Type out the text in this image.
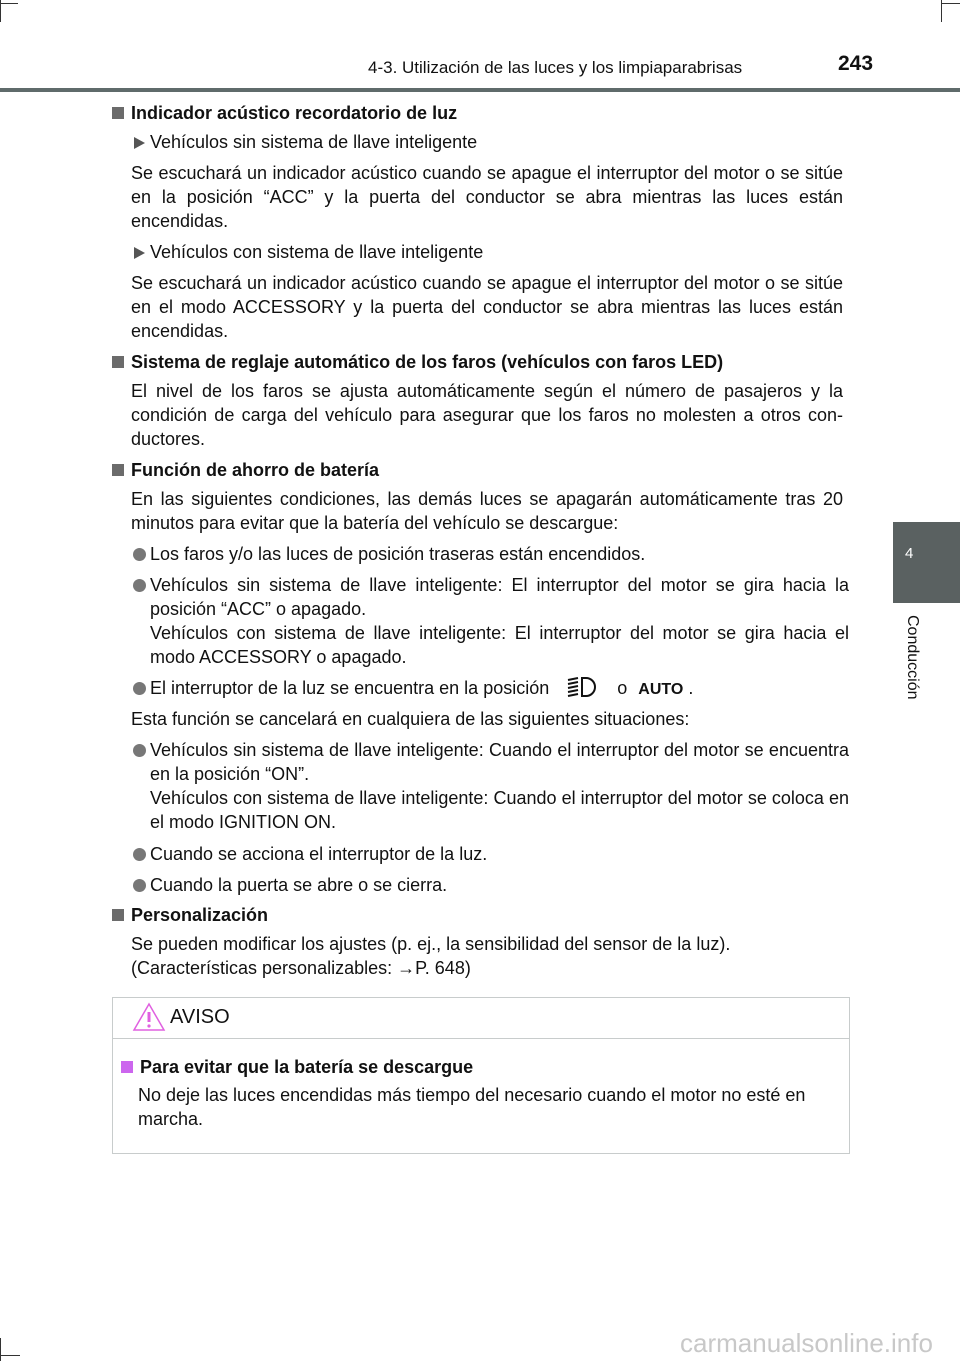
4-3. Utilización de las luces y los limpiaparabrisas	243
4
Conducción
Indicador acústico recordatorio de luz
Vehículos sin sistema de llave inteligente
Se escuchará un indicador acústico cuando se apague el interruptor del motor o se sitúe en la posición “ACC” y la puerta del conductor se abra mientras las luces están encendidas.
Vehículos con sistema de llave inteligente
Se escuchará un indicador acústico cuando se apague el interruptor del motor o se sitúe en el modo ACCESSORY y la puerta del conductor se abra mientras las luces están encendidas.
Sistema de reglaje automático de los faros (vehículos con faros LED)
El nivel de los faros se ajusta automáticamente según el número de pasajeros y la condición de carga del vehículo para asegurar que los faros no molesten a otros con-ductores.
Función de ahorro de batería
En las siguientes condiciones, las demás luces se apagarán automáticamente tras 20 minutos para evitar que la batería del vehículo se descargue:
Los faros y/o las luces de posición traseras están encendidos.
Vehículos sin sistema de llave inteligente: El interruptor del motor se gira hacia la posición “ACC” o apagado.
Vehículos con sistema de llave inteligente: El interruptor del motor se gira hacia el modo ACCESSORY o apagado.
El interruptor de la luz se encuentra en la posición	o AUTO .
Esta función se cancelará en cualquiera de las siguientes situaciones:
Vehículos sin sistema de llave inteligente: Cuando el interruptor del motor se encuentra en la posición “ON”.
Vehículos con sistema de llave inteligente: Cuando el interruptor del motor se coloca en el modo IGNITION ON.
Cuando se acciona el interruptor de la luz.
Cuando la puerta se abre o se cierra.
Personalización
Se pueden modificar los ajustes (p. ej., la sensibilidad del sensor de la luz).
(Características personalizables: →P. 648)
AVISO
Para evitar que la batería se descargue
No deje las luces encendidas más tiempo del necesario cuando el motor no esté en marcha.
carmanualsonline.info
